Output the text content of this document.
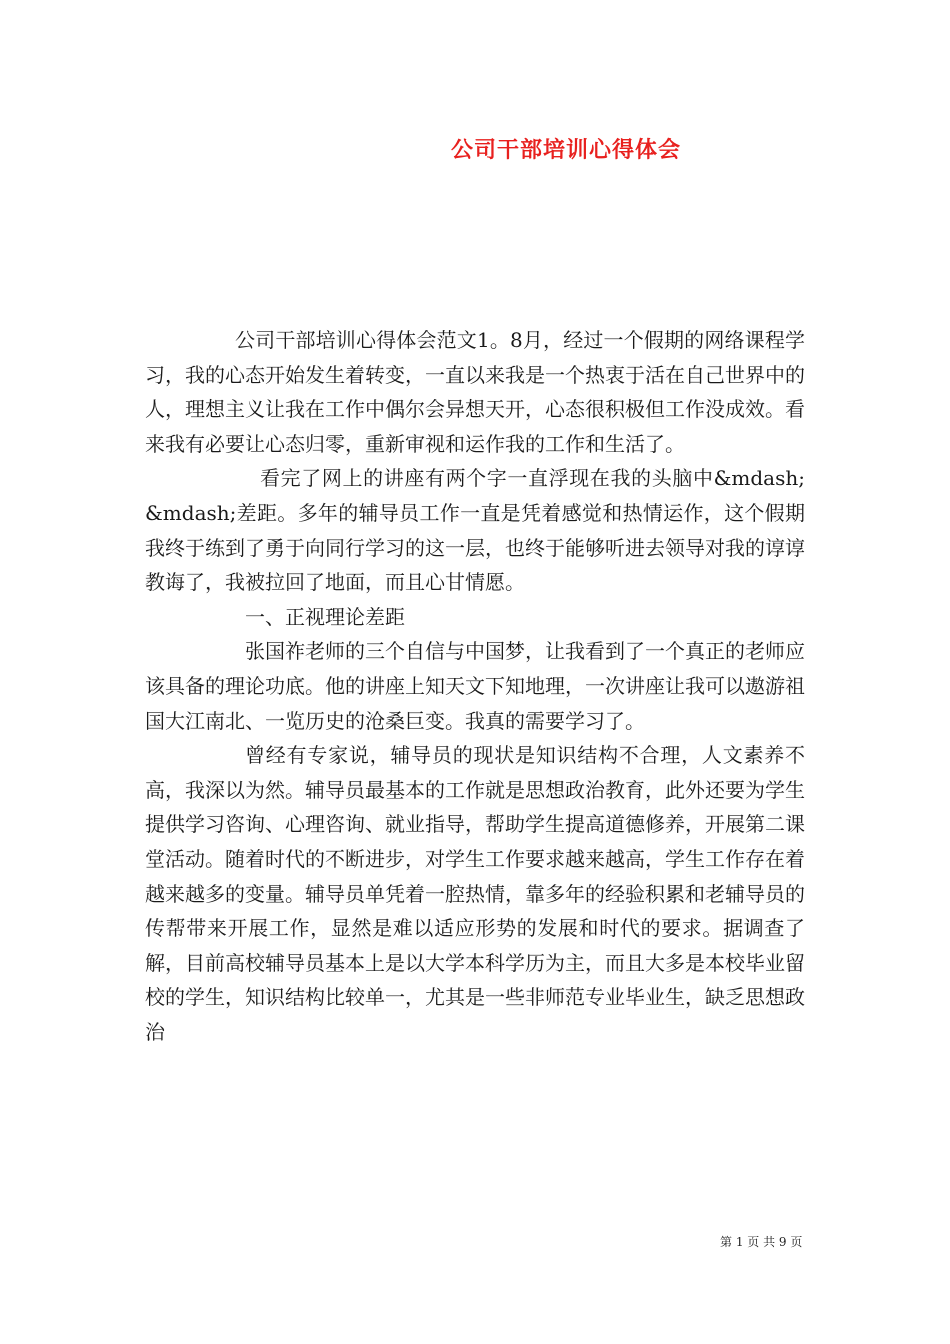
公司干部培训心得体会

公司干部培训心得体会范文1。8月，经过一个假期的网络课程学习，我的心态开始发生着转变，一直以来我是一个热衷于活在自己世界中的人，理想主义让我在工作中偶尔会异想天开，心态很积极但工作没成效。看来我有必要让心态归零，重新审视和运作我的工作和生活了。

看完了网上的讲座有两个字一直浮现在我的头脑中&mdash;&mdash;差距。多年的辅导员工作一直是凭着感觉和热情运作，这个假期我终于练到了勇于向同行学习的这一层，也终于能够听进去领导对我的谆谆教诲了，我被拉回了地面，而且心甘情愿。

一、正视理论差距

张国祚老师的三个自信与中国梦，让我看到了一个真正的老师应该具备的理论功底。他的讲座上知天文下知地理，一次讲座让我可以遨游祖国大江南北、一览历史的沧桑巨变。我真的需要学习了。

曾经有专家说，辅导员的现状是知识结构不合理，人文素养不高，我深以为然。辅导员最基本的工作就是思想政治教育，此外还要为学生提供学习咨询、心理咨询、就业指导，帮助学生提高道德修养，开展第二课堂活动。随着时代的不断进步，对学生工作要求越来越高，学生工作存在着越来越多的变量。辅导员单凭着一腔热情，靠多年的经验积累和老辅导员的传帮带来开展工作，显然是难以适应形势的发展和时代的要求。据调查了解，目前高校辅导员基本上是以大学本科学历为主，而且大多是本校毕业留校的学生，知识结构比较单一，尤其是一些非师范专业毕业生，缺乏思想政治

第 1 页 共 9 页
